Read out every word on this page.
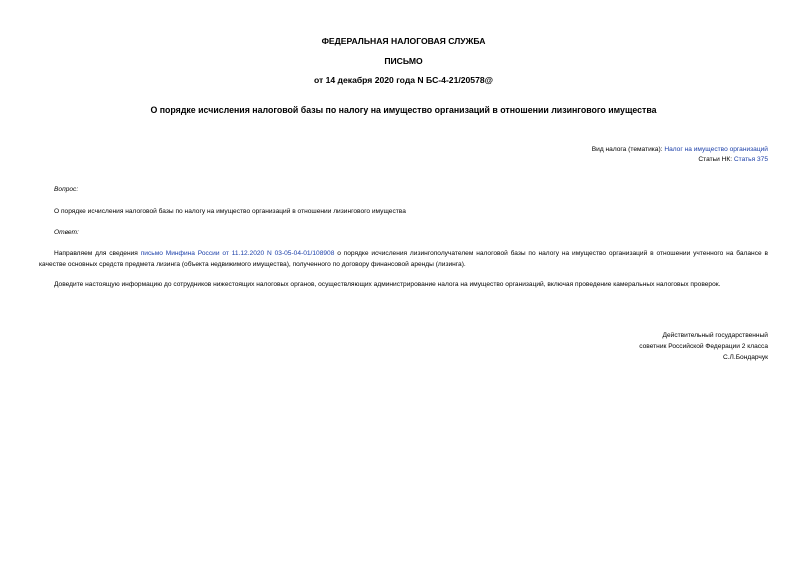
ФЕДЕРАЛЬНАЯ НАЛОГОВАЯ СЛУЖБА
ПИСЬМО
от 14 декабря 2020 года N БС-4-21/20578@
О порядке исчисления налоговой базы по налогу на имущество организаций в отношении лизингового имущества
Вид налога (тематика): Налог на имущество организаций
Статьи НК: Статья 375
Вопрос:
О порядке исчисления налоговой базы по налогу на имущество организаций в отношении лизингового имущества
Ответ:
Направляем для сведения письмо Минфина России от 11.12.2020 N 03-05-04-01/108908 о порядке исчисления лизингополучателем налоговой базы по налогу на имущество организаций в отношении учтенного на балансе в качестве основных средств предмета лизинга (объекта недвижимого имущества), полученного по договору финансовой аренды (лизинга).
Доведите настоящую информацию до сотрудников нижестоящих налоговых органов, осуществляющих администрирование налога на имущество организаций, включая проведение камеральных налоговых проверок.
Действительный государственный
советник Российской Федерации 2 класса
С.Л.Бондарчук
